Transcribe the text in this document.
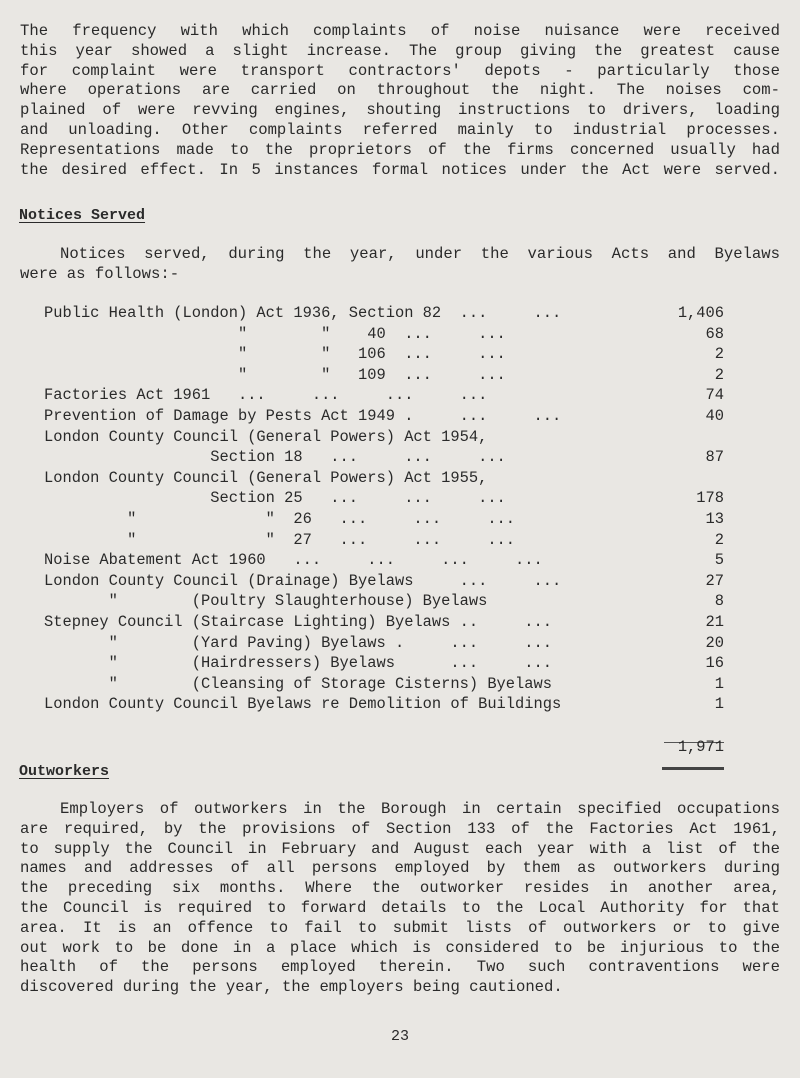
The frequency with which complaints of noise nuisance were received
this year showed a slight increase. The group giving the greatest cause
for complaint were transport contractors' depots - particularly those
where operations are carried on throughout the night. The noises com-
plained of were revving engines, shouting instructions to drivers, loading
and unloading. Other complaints referred mainly to industrial processes.
Representations made to the proprietors of the firms concerned usually had
the desired effect. In 5 instances formal notices under the Act were served.

Notices Served

Notices served, during the year, under the various Acts and Byelaws
were as follows:-

Public Health (London) Act 1936, Section 82  ...     ...	1,406
"        "    40  ...     ...	68
"        "   106  ...     ...	2
"        "   109  ...     ...	2
Factories Act 1961   ...     ...     ...     ...	74
Prevention of Damage by Pests Act 1949 .     ...     ...	40
London County Council (General Powers) Act 1954,	
Section 18   ...     ...     ...	87
London County Council (General Powers) Act 1955,	
Section 25   ...     ...     ...	178
"              "  26   ...     ...     ...	13
"              "  27   ...     ...     ...	2
Noise Abatement Act 1960   ...     ...     ...     ...	5
London County Council (Drainage) Byelaws     ...     ...	27
"        (Poultry Slaughterhouse) Byelaws	8
Stepney Council (Staircase Lighting) Byelaws ..     ...	21
"        (Yard Paving) Byelaws .     ...     ...	20
"        (Hairdressers) Byelaws      ...     ...	16
"        (Cleansing of Storage Cisterns) Byelaws	1
London County Council Byelaws re Demolition of Buildings	1
1,971
Outworkers

Employers of outworkers in the Borough in certain specified occupations
are required, by the provisions of Section 133 of the Factories Act 1961,
to supply the Council in February and August each year with a list of the
names and addresses of all persons employed by them as outworkers during
the preceding six months. Where the outworker resides in another area,
the Council is required to forward details to the Local Authority for that
area. It is an offence to fail to submit lists of outworkers or to give
out work to be done in a place which is considered to be injurious to the
health of the persons employed therein. Two such contraventions were
discovered during the year, the employers being cautioned.

23
